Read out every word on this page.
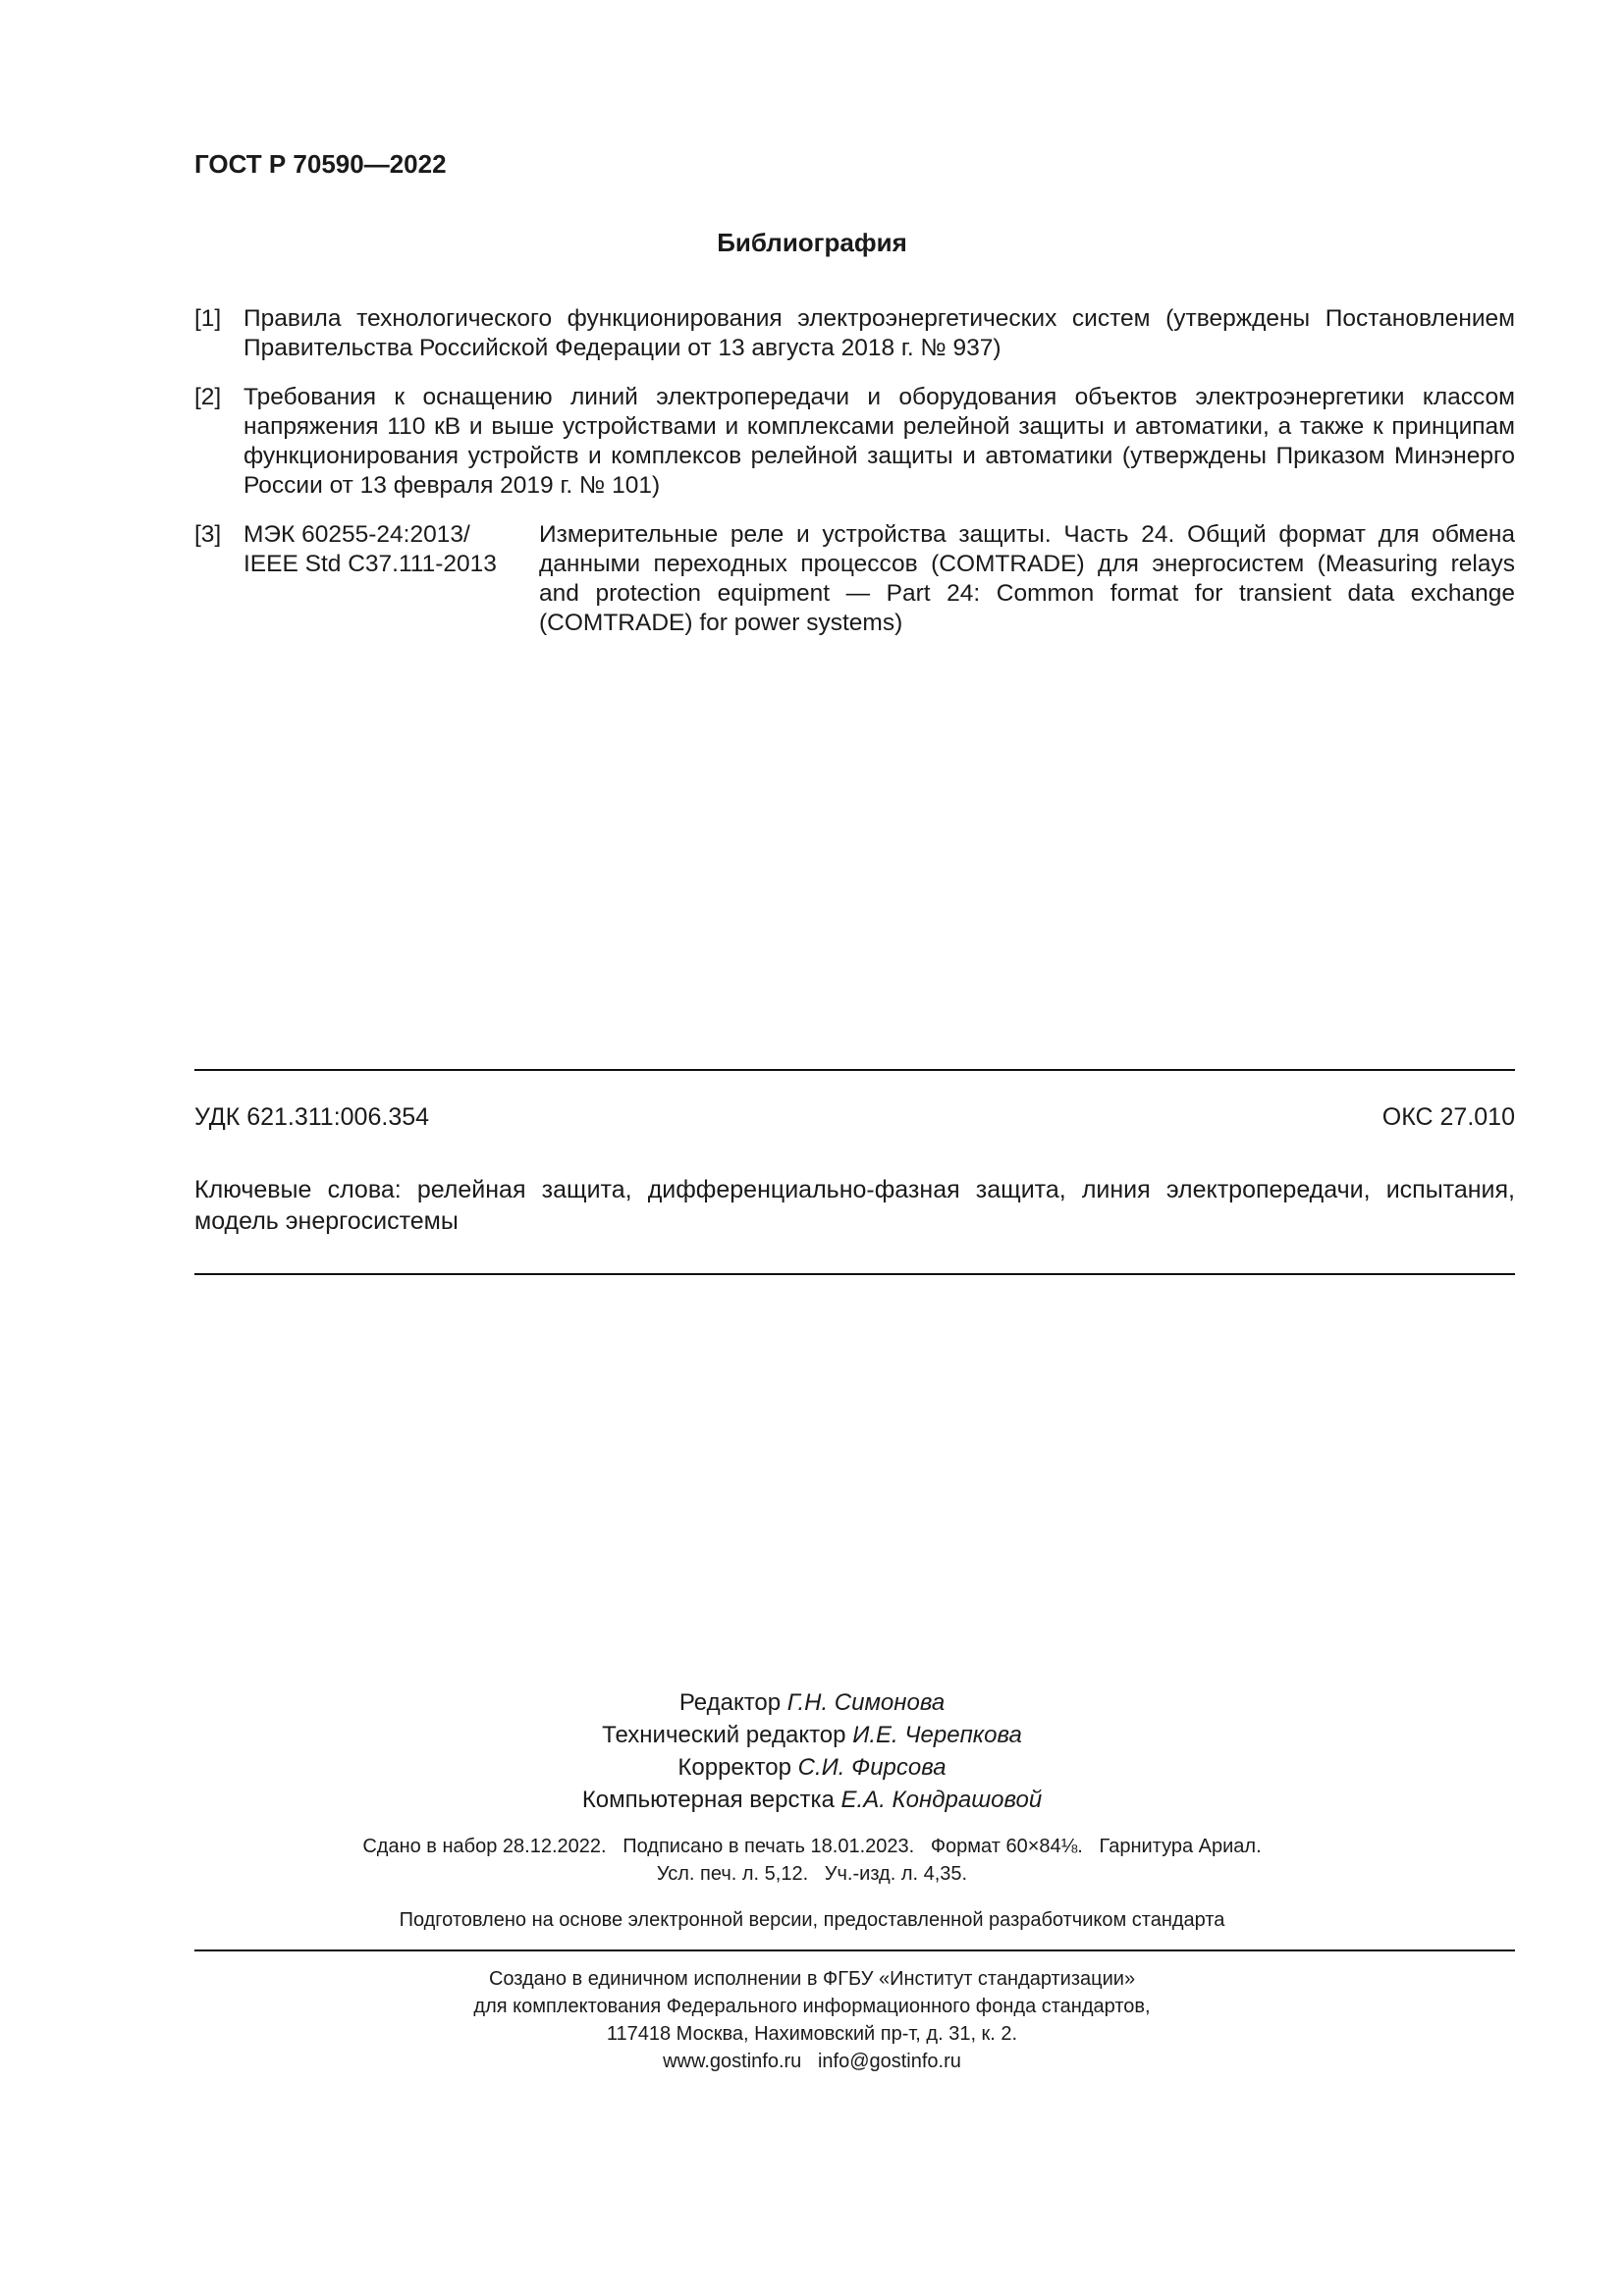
ГОСТ Р 70590—2022
Библиография
[1] Правила технологического функционирования электроэнергетических систем (утверждены Постановлением Правительства Российской Федерации от 13 августа 2018 г. № 937)
[2] Требования к оснащению линий электропередачи и оборудования объектов электроэнергетики классом напряжения 110 кВ и выше устройствами и комплексами релейной защиты и автоматики, а также к принципам функционирования устройств и комплексов релейной защиты и автоматики (утверждены Приказом Минэнерго России от 13 февраля 2019 г. № 101)
[3] МЭК 60255-24:2013/
IEEE Std C37.111-2013
Измерительные реле и устройства защиты. Часть 24. Общий формат для обмена данными переходных процессов (COMTRADE) для энергосистем (Measuring relays and protection equipment — Part 24: Common format for transient data exchange (COMTRADE) for power systems)
УДК 621.311:006.354	ОКС 27.010
Ключевые слова: релейная защита, дифференциально-фазная защита, линия электропередачи, испытания, модель энергосистемы
Редактор Г.Н. Симонова
Технический редактор И.Е. Черепкова
Корректор С.И. Фирсова
Компьютерная верстка Е.А. Кондрашовой
Сдано в набор 28.12.2022.   Подписано в печать 18.01.2023.   Формат 60×84⅛.   Гарнитура Ариал.
Усл. печ. л. 5,12.   Уч.-изд. л. 4,35.
Подготовлено на основе электронной версии, предоставленной разработчиком стандарта
Создано в единичном исполнении в ФГБУ «Институт стандартизации»
для комплектования Федерального информационного фонда стандартов,
117418 Москва, Нахимовский пр-т, д. 31, к. 2.
www.gostinfo.ru   info@gostinfo.ru
